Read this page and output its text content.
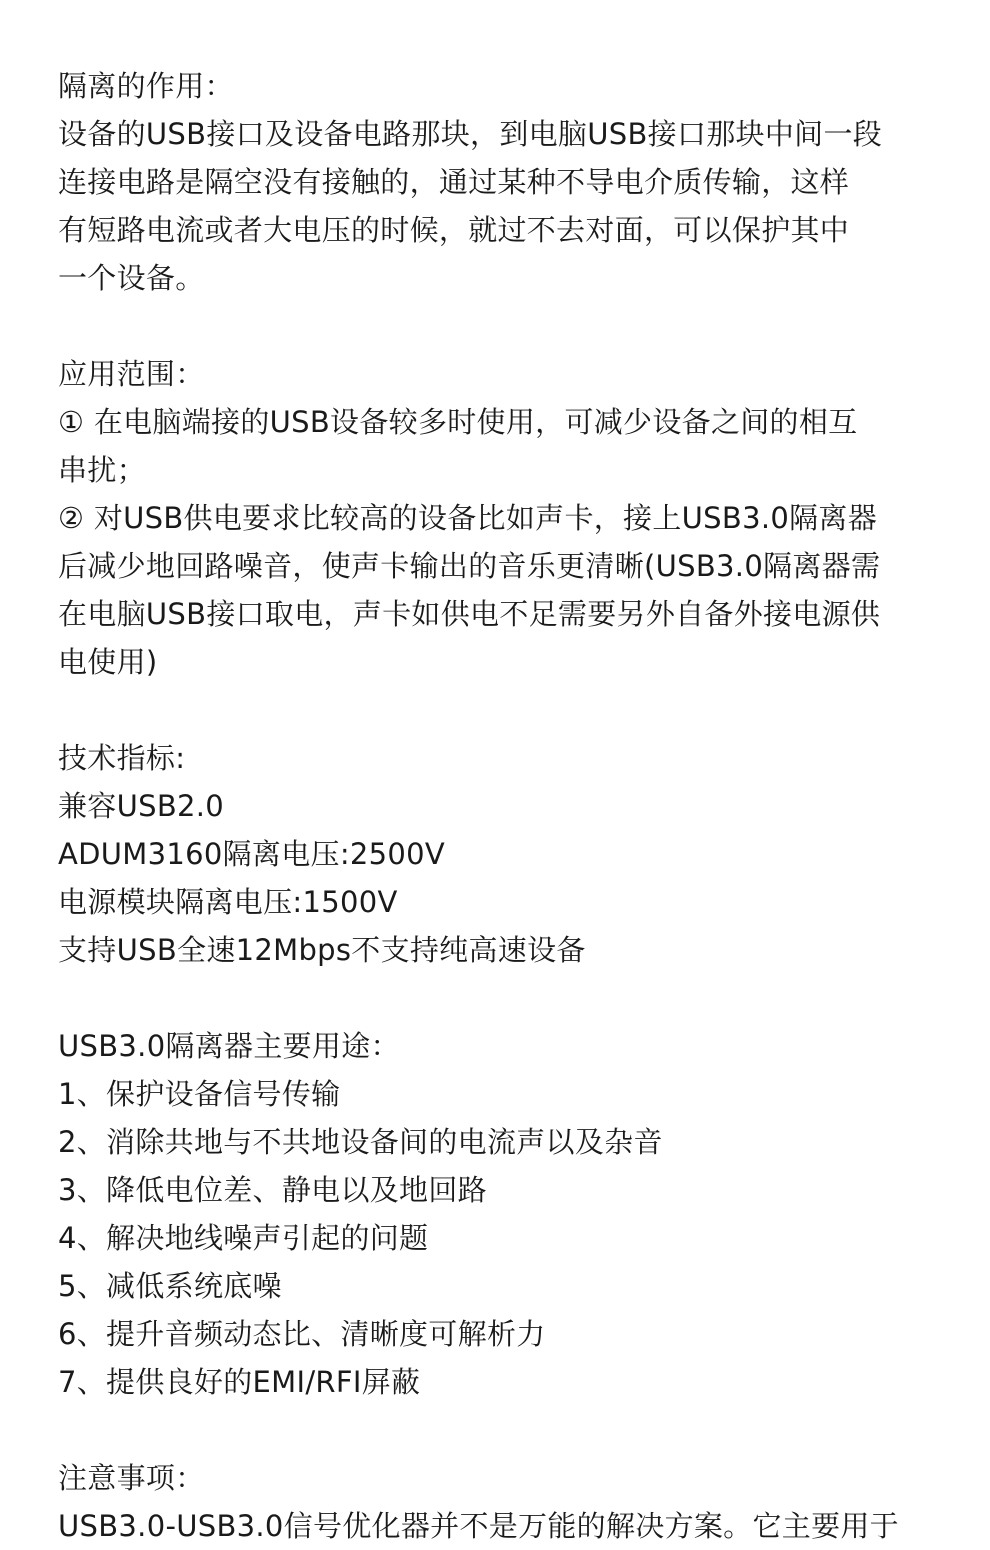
隔离的作用：
设备的USB接口及设备电路那块，到电脑USB接口那块中间一段
连接电路是隔空没有接触的，通过某种不导电介质传输，这样
有短路电流或者大电压的时候，就过不去对面，可以保护其中
一个设备。
应用范围：
① 在电脑端接的USB设备较多时使用，可减少设备之间的相互
串扰；
② 对USB供电要求比较高的设备比如声卡，接上USB3.0隔离器
后减少地回路噪音，使声卡输出的音乐更清晰(USB3.0隔离器需
在电脑USB接口取电，声卡如供电不足需要另外自备外接电源供
电使用)
技术指标:
兼容USB2.0
ADUM3160隔离电压:2500V
电源模块隔离电压:1500V
支持USB全速12Mbps不支持纯高速设备
USB3.0隔离器主要用途：
1、保护设备信号传输
2、消除共地与不共地设备间的电流声以及杂音
3、降低电位差、静电以及地回路
4、解决地线噪声引起的问题
5、减低系统底噪
6、提升音频动态比、清晰度可解析力
7、提供良好的EMI/RFI屏蔽
注意事项：
USB3.0-USB3.0信号优化器并不是万能的解决方案。它主要用于
